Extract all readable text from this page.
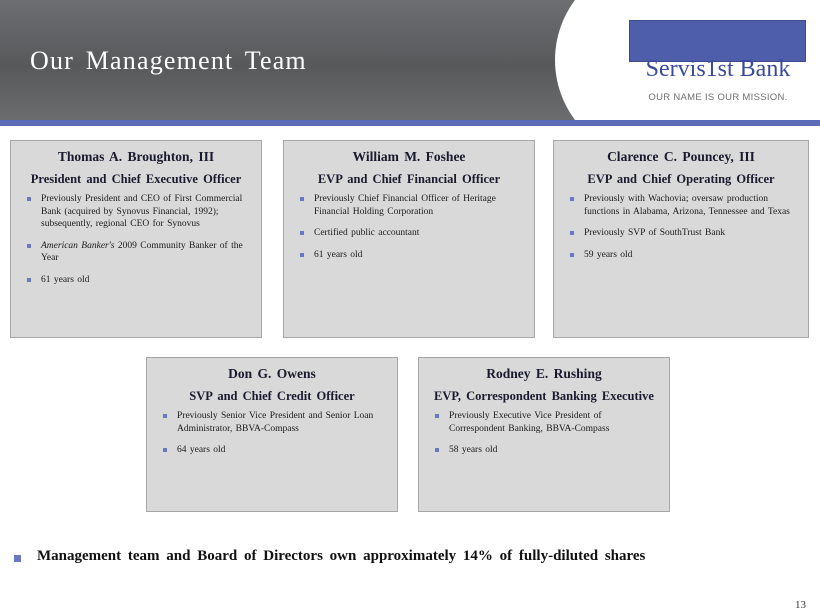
Our Management Team	Servis1st Bank
OUR NAME IS OUR MISSION.
Thomas A. Broughton, III
President and Chief Executive Officer
Previously President and CEO of First Commercial Bank (acquired by Synovus Financial, 1992); subsequently, regional CEO for Synovus
American Banker's 2009 Community Banker of the Year
61 years old
William M. Foshee
EVP and Chief Financial Officer
Previously Chief Financial Officer of Heritage Financial Holding Corporation
Certified public accountant
61 years old
Clarence C. Pouncey, III
EVP and Chief Operating Officer
Previously with Wachovia; oversaw production functions in Alabama, Arizona, Tennessee and Texas
Previously SVP of SouthTrust Bank
59 years old
Don G. Owens
SVP and Chief Credit Officer
Previously Senior Vice President and Senior Loan Administrator, BBVA-Compass
64 years old
Rodney E. Rushing
EVP, Correspondent Banking Executive
Previously Executive Vice President of Correspondent Banking, BBVA-Compass
58 years old
Management team and Board of Directors own approximately 14% of fully-diluted shares
13
